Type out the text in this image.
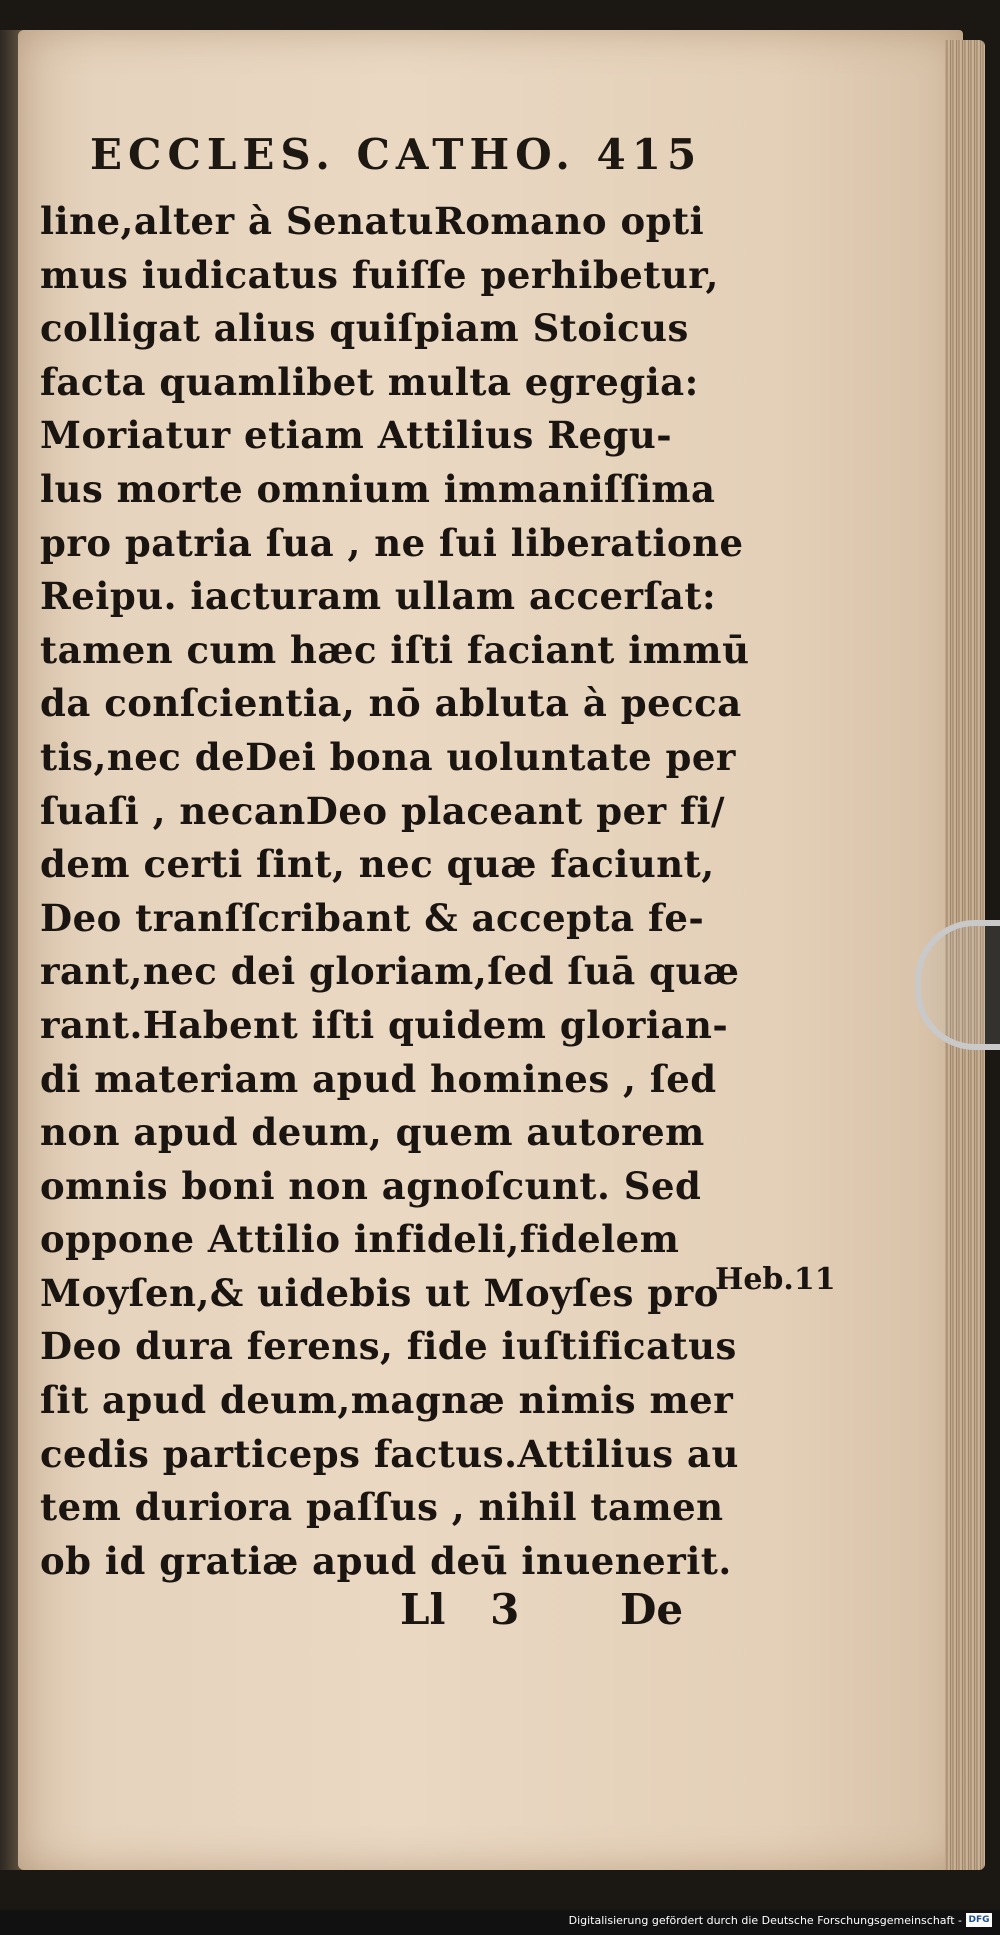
ECCLES. CATHO. 415
line,alter à SenatuRomano opti
mus iudicatus fuiſſe perhibetur,
colligat alius quiſpiam Stoicus
facta quamlibet multa egregia:
Moriatur etiam Attilius Regu-
lus morte omnium immaniſſima
pro patria ſua , ne ſui liberatione
Reipu. iacturam ullam accerſat:
tamen cum hæc iſti faciant immū
da conſcientia, nō abluta à pecca
tis,nec deDei bona uoluntate per
ſuaſi , necanDeo placeant per fi/
dem certi ſint, nec quæ faciunt,
Deo tranſſcribant & accepta fe-
rant,nec dei gloriam,ſed ſuā quæ
rant.Habent iſti quidem glorian-
di materiam apud homines , ſed
non apud deum, quem autorem
omnis boni non agnoſcunt. Sed
oppone Attilio infideli,fidelem
Moyſen,& uidebis ut Moyſes pro
Deo dura ferens, fide iuſtificatus
ſit apud deum,magnæ nimis mer
cedis particeps factus.Attilius au
tem duriora paſſus , nihil tamen
ob id gratiæ apud deū inuenerit.
Heb.11
Ll 3 De
Digitalisierung gefördert durch die Deutsche Forschungsgemeinschaft - DFG
